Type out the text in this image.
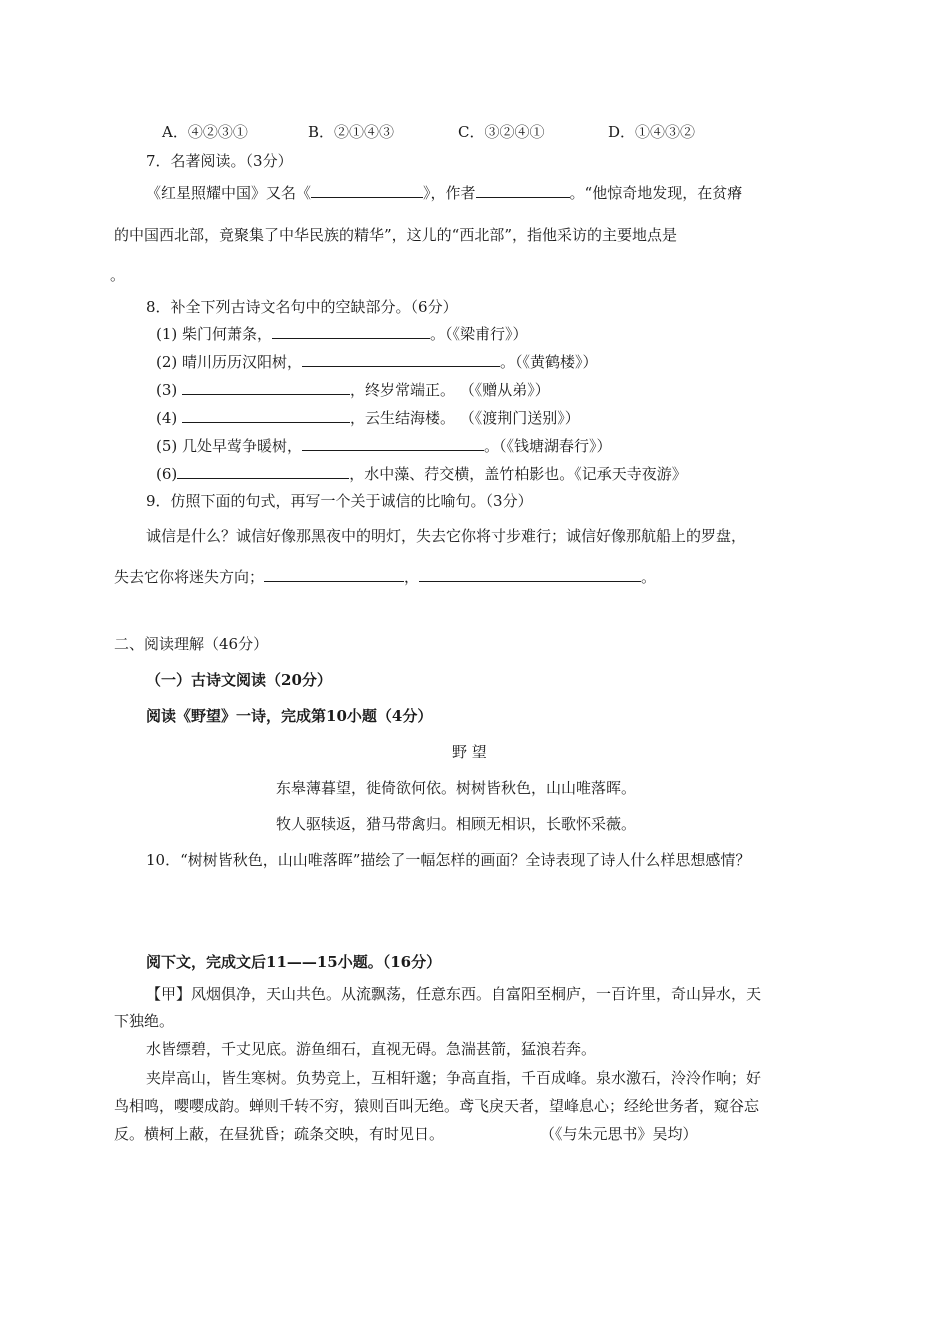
A．④②③①	B．②①④③	C．③②④①	D．①④③②
7．名著阅读。（3分）
《红星照耀中国》又名《	》，作者	。“他惊奇地发现，在贫瘠
的中国西北部，竟聚集了中华民族的精华”，这儿的“西北部”，指他采访的主要地点是
。
8．补全下列古诗文名句中的空缺部分。（6分）
(1) 柴门何萧条，	。（《梁甫行》）
(2) 晴川历历汉阳树，	。（《黄鹤楼》）
(3)	，终岁常端正。 （《赠从弟》）
(4)	，云生结海楼。 （《渡荆门送别》）
(5) 几处早莺争暖树，	。（《钱塘湖春行》）
(6)	，水中藻、荇交横，盖竹柏影也。《记承天寺夜游》
9．仿照下面的句式，再写一个关于诚信的比喻句。（3分）
诚信是什么？诚信好像那黑夜中的明灯，失去它你将寸步难行；诚信好像那航船上的罗盘，
失去它你将迷失方向；	，	。
二、阅读理解（46分）
（一）古诗文阅读（20分）
阅读《野望》一诗，完成第10小题（4分）
野 望
东皋薄暮望，徙倚欲何依。树树皆秋色，山山唯落晖。
牧人驱犊返，猎马带禽归。相顾无相识，长歌怀采薇。
10．“树树皆秋色，山山唯落晖”描绘了一幅怎样的画面？全诗表现了诗人什么样思想感情？
阅下文，完成文后11——15小题。（16分）
【甲】风烟俱净，天山共色。从流飘荡，任意东西。自富阳至桐庐，一百许里，奇山异水，天
下独绝。
水皆缥碧，千丈见底。游鱼细石，直视无碍。急湍甚箭，猛浪若奔。
夹岸高山，皆生寒树。负势竞上，互相轩邈；争高直指，千百成峰。泉水激石，泠泠作响；好
鸟相鸣，嘤嘤成韵。蝉则千转不穷，猿则百叫无绝。鸢飞戾天者，望峰息心；经纶世务者，窥谷忘
反。横柯上蔽，在昼犹昏；疏条交映，有时见日。	（《与朱元思书》吴均）
